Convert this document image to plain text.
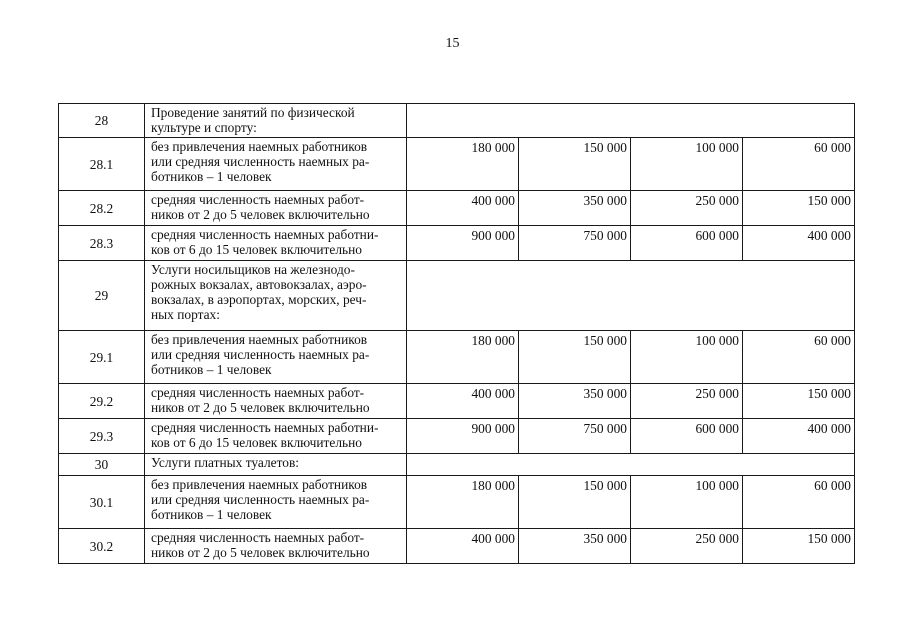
15
28	Проведение занятий по физической
культуре и спорту:				

28.1	без привлечения наемных работников
или средняя численность наемных ра-
ботников – 1 человек	180 000	150 000	100 000	60 000
28.2	средняя численность наемных работ-
ников от 2 до 5 человек включительно	400 000	350 000	250 000	150 000
28.3	средняя численность наемных работни-
ков от 6 до 15 человек включительно	900 000	750 000	600 000	400 000
29	Услуги носильщиков на железнодо-
рожных вокзалах, автовокзалах, аэро-
вокзалах, в аэропортах, морских, реч-
ных портах:				

29.1	без привлечения наемных работников
или средняя численность наемных ра-
ботников – 1 человек	180 000	150 000	100 000	60 000
29.2	средняя численность наемных работ-
ников от 2 до 5 человек включительно	400 000	350 000	250 000	150 000
29.3	средняя численность наемных работни-
ков от 6 до 15 человек включительно	900 000	750 000	600 000	400 000
30	Услуги платных туалетов:				

30.1	без привлечения наемных работников
или средняя численность наемных ра-
ботников – 1 человек	180 000	150 000	100 000	60 000
30.2	средняя численность наемных работ-
ников от 2 до 5 человек включительно	400 000	350 000	250 000	150 000
